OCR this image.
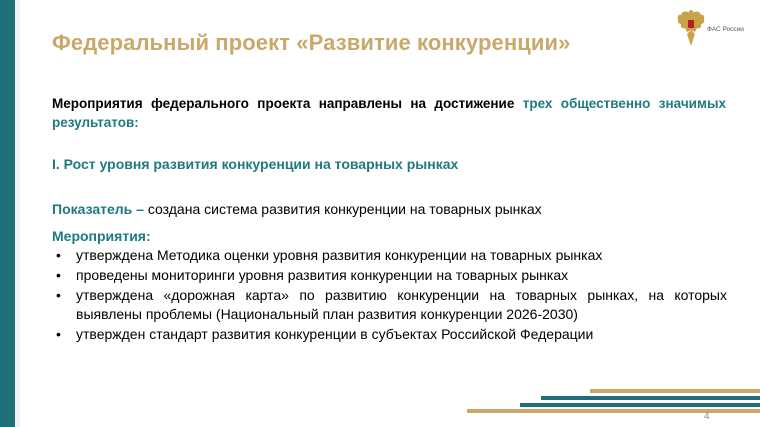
Федеральный проект «Развитие конкуренции»
ФАС России
Мероприятия федерального проекта направлены на достижение трех общественно значимых результатов:
I. Рост уровня развития конкуренции на товарных рынках
Показатель – создана система развития конкуренции на товарных рынках
Мероприятия:
• утверждена Методика оценки уровня развития конкуренции на товарных рынках
• проведены мониторинги уровня развития конкуренции на товарных рынках
• утверждена «дорожная карта» по развитию конкуренции на товарных рынках, на которых выявлены проблемы (Национальный план развития конкуренции 2026-2030)
• утвержден стандарт развития конкуренции в субъектах Российской Федерации
4
